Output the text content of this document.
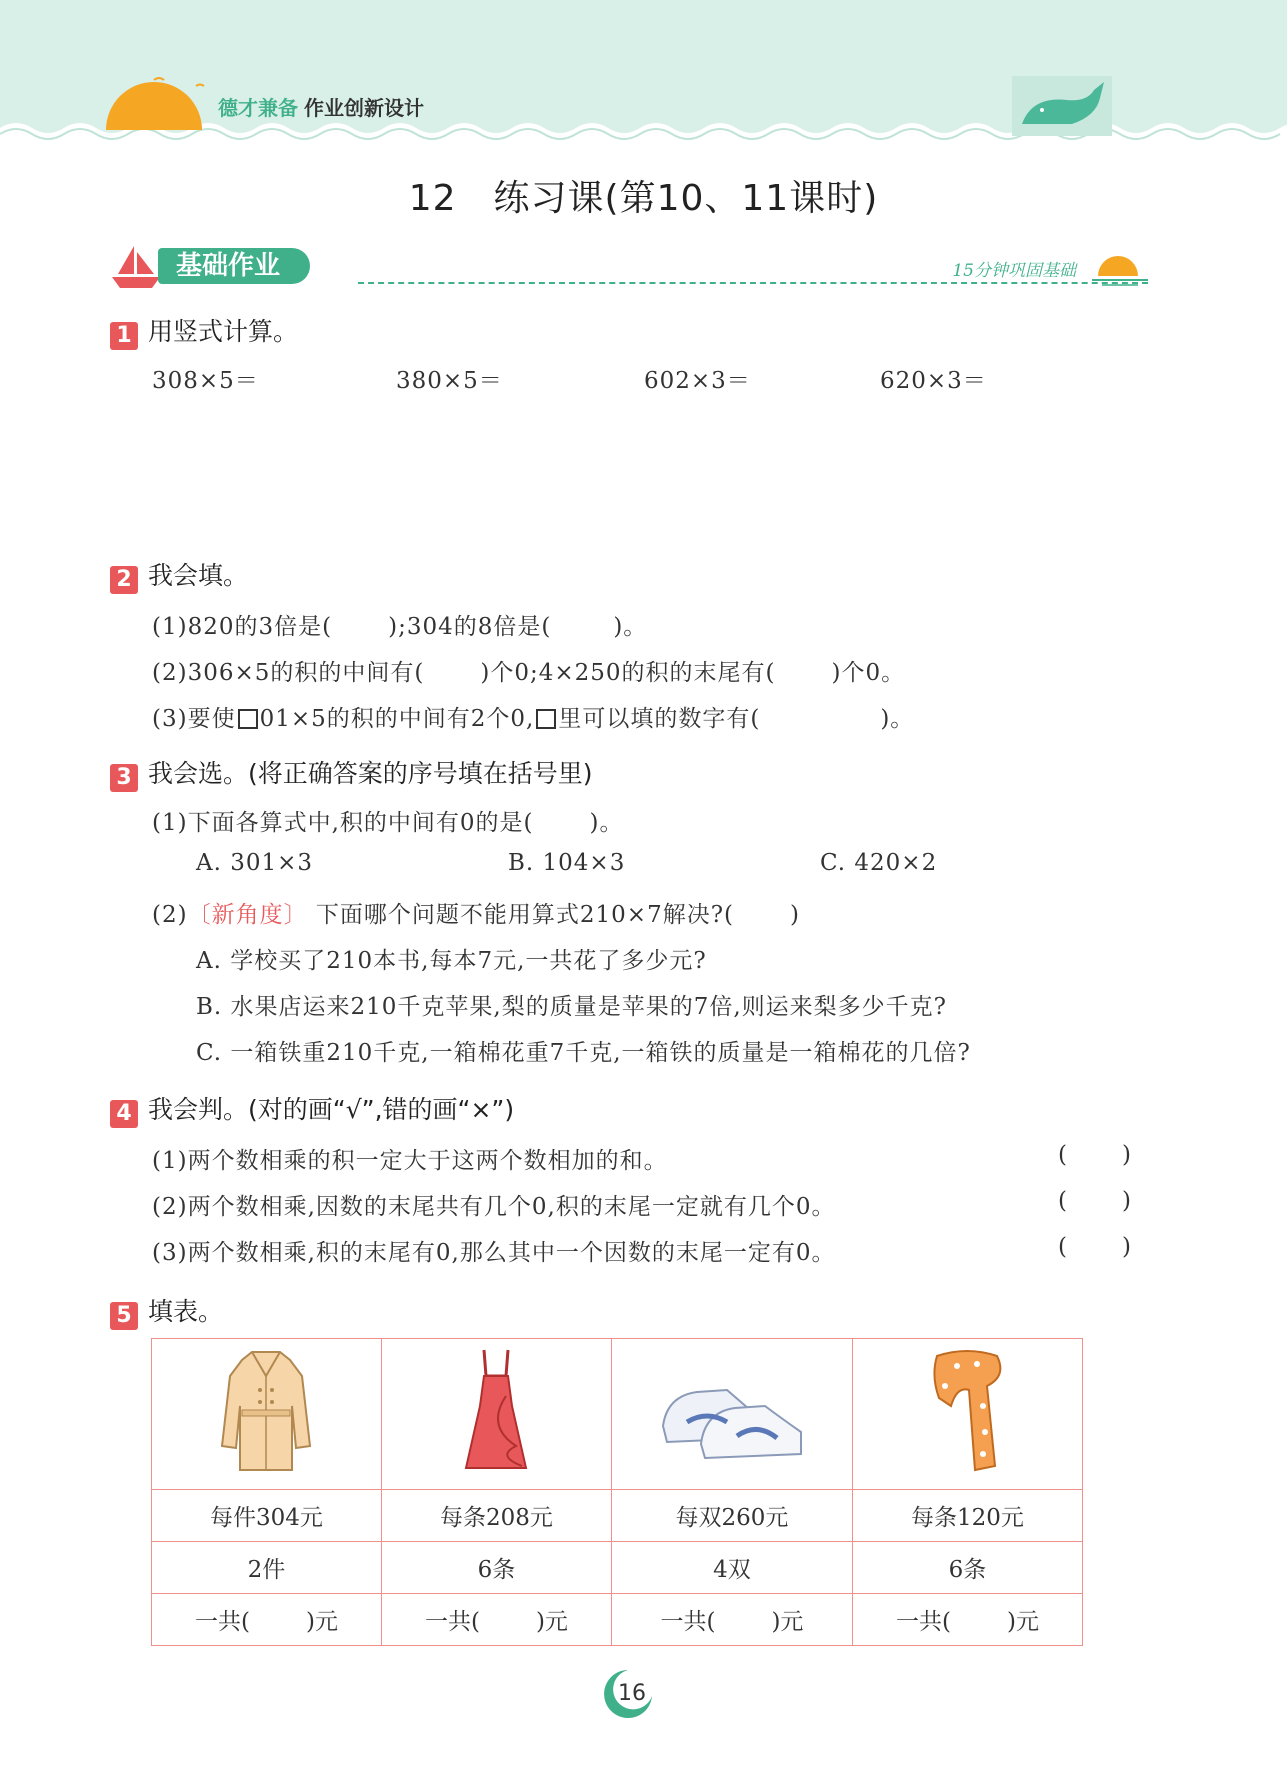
德才兼备 作业创新设计
12　练习课(第10、11课时)
基础作业	15分钟巩固基础
1 用竖式计算。
308×5＝	380×5＝	602×3＝	620×3＝
2 我会填。
(1)820的3倍是( );304的8倍是(	)。
(2)306×5的积的中间有( )个0;4×250的积的末尾有( )个0。
(3)要使 01×5的积的中间有2个0, 里可以填的数字有(	)。
3 我会选。(将正确答案的序号填在括号里)
(1)下面各算式中,积的中间有0的是( )。
A. 301×3	B. 104×3	C. 420×2
(2)〔新角度〕 下面哪个问题不能用算式210×7解决?( )
A. 学校买了210本书,每本7元,一共花了多少元?
B. 水果店运来210千克苹果,梨的质量是苹果的7倍,则运来梨多少千克?
C. 一箱铁重210千克,一箱棉花重7千克,一箱铁的质量是一箱棉花的几倍?
4 我会判。(对的画“√”,错的画“×”)
(1)两个数相乘的积一定大于这两个数相加的和。	( )
(2)两个数相乘,因数的末尾共有几个0,积的末尾一定就有几个0。	( )
(3)两个数相乘,积的末尾有0,那么其中一个因数的末尾一定有0。	( )
5 填表。

每件304元	每条208元	每双260元	每条120元
2件	6条	4双	6条
一共( )元	一共( )元	一共( )元	一共( )元
16
